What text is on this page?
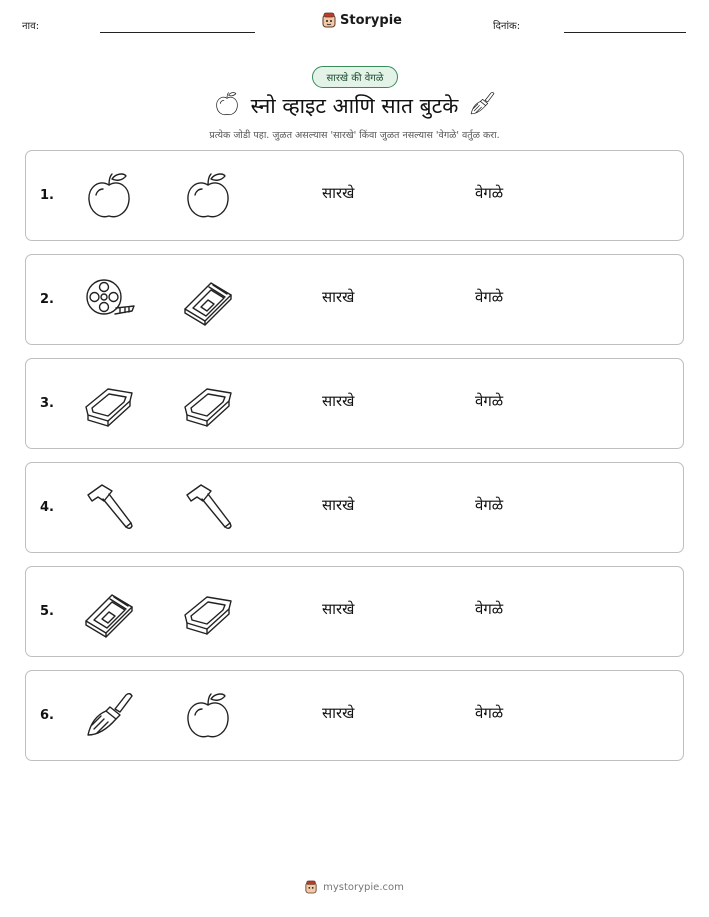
नाव:	Storypie	दिनांक:
सारखे की वेगळे
स्नो व्हाइट आणि सात बुटके
प्रत्येक जोडी पहा. जुळत असल्यास 'सारखे' किंवा जुळत नसल्यास 'वेगळे' वर्तुळ करा.
1.	सारखे	वेगळे
2.	सारखे	वेगळे
3.	सारखे	वेगळे
4.	सारखे	वेगळे
5.	सारखे	वेगळे
6.	सारखे	वेगळे
mystorypie.com
